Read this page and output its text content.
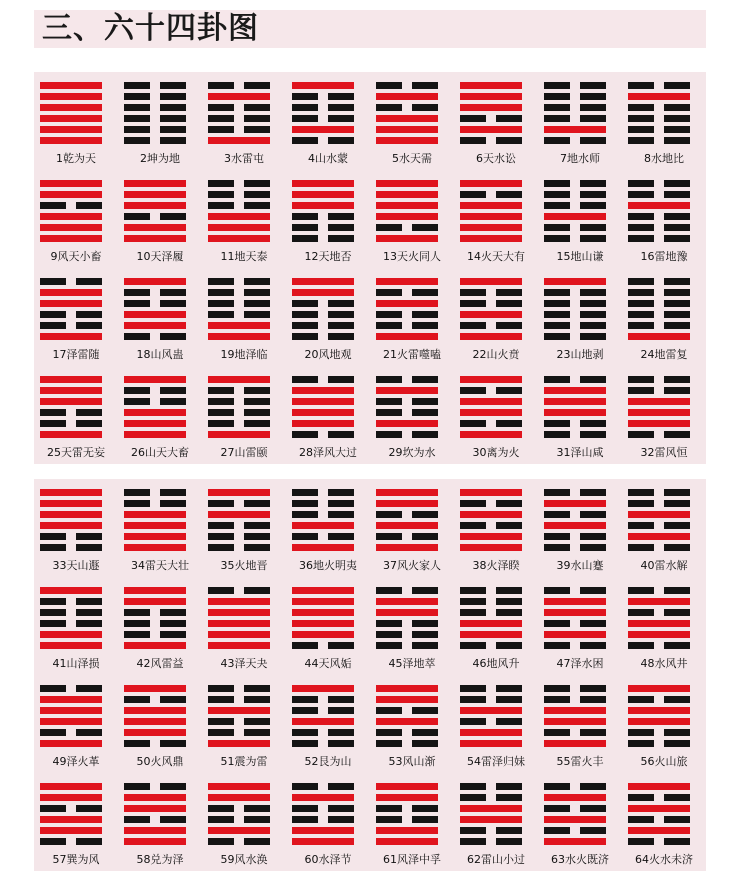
三、六十四卦图
1乾为天	2坤为地	3水雷屯	4山水蒙	5水天需	6天水讼	7地水师	8水地比
9风天小畜	10天泽履	11地天泰	12天地否	13天火同人	14火天大有	15地山谦	16雷地豫
17泽雷随	18山风蛊	19地泽临	20风地观	21火雷噬嗑	22山火贲	23山地剥	24地雷复
25天雷无妄	26山天大畜	27山雷颐	28泽风大过	29坎为水	30离为火	31泽山咸	32雷风恒
33天山遯	34雷天大壮	35火地晋	36地火明夷	37风火家人	38火泽睽	39水山蹇	40雷水解
41山泽损	42风雷益	43泽天夬	44天风姤	45泽地萃	46地风升	47泽水困	48水风井
49泽火革	50火风鼎	51震为雷	52艮为山	53风山渐	54雷泽归妹	55雷火丰	56火山旅
57巽为风	58兑为泽	59风水涣	60水泽节	61风泽中孚	62雷山小过	63水火既济	64火水未济
